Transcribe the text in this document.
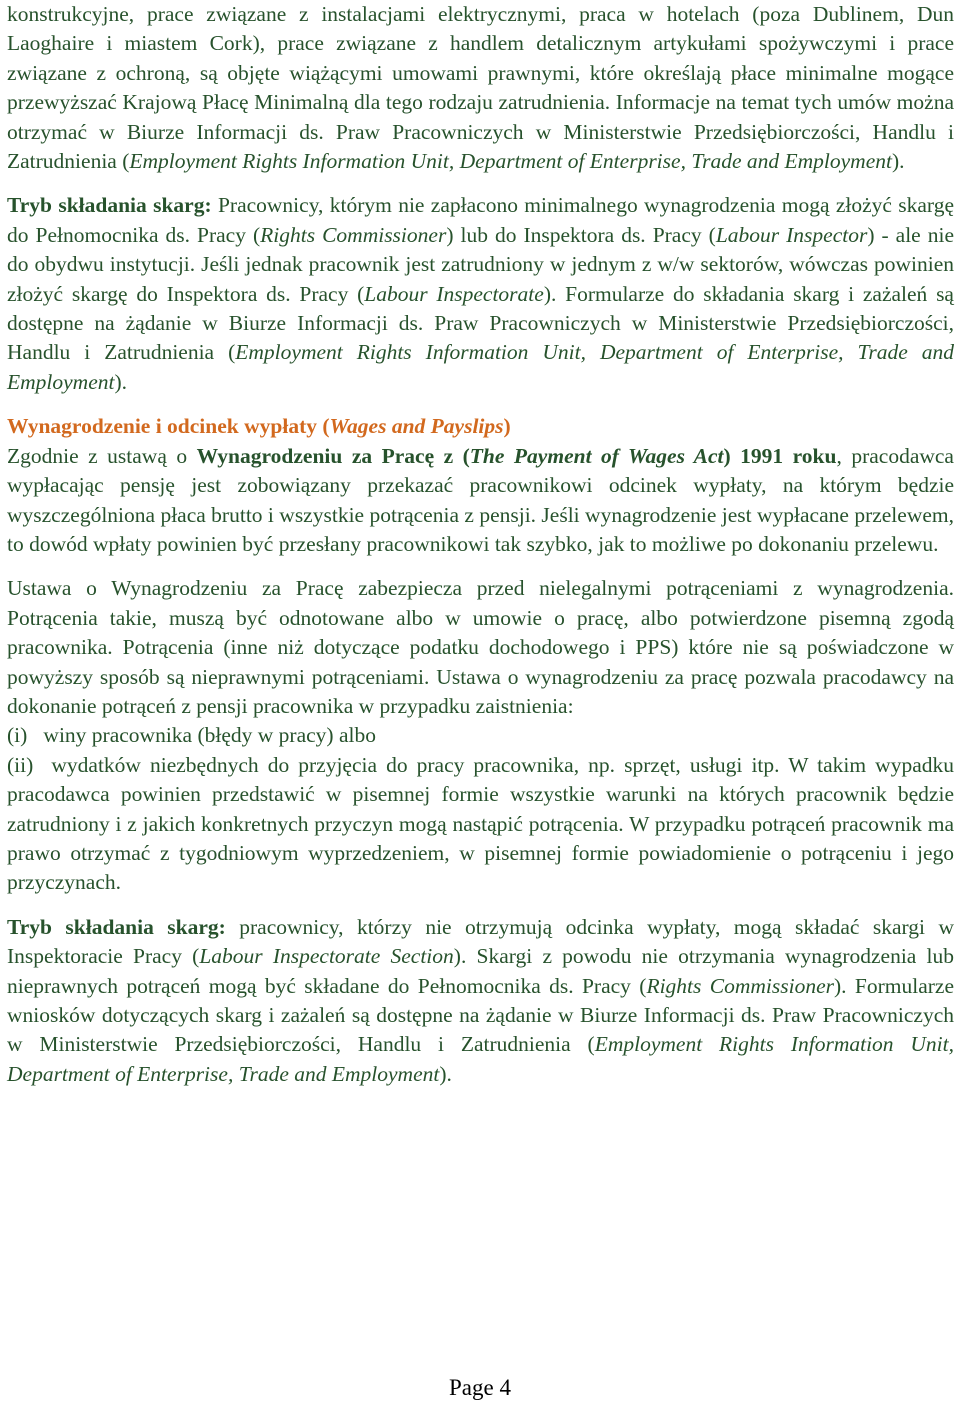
konstrukcyjne, prace związane z instalacjami elektrycznymi, praca w hotelach (poza Dublinem, Dun Laoghaire i miastem Cork), prace związane z handlem detalicznym artykułami spożywczymi i prace związane z ochroną, są objęte wiążącymi umowami prawnymi, które określają płace minimalne mogące przewyższać Krajową Płacę Minimalną dla tego rodzaju zatrudnienia. Informacje na temat tych umów można otrzymać w Biurze Informacji ds. Praw Pracowniczych w Ministerstwie Przedsiębiorczości, Handlu i Zatrudnienia (Employment Rights Information Unit, Department of Enterprise, Trade and Employment).

Tryb składania skarg: Pracownicy, którym nie zapłacono minimalnego wynagrodzenia mogą złożyć skargę do Pełnomocnika ds. Pracy (Rights Commissioner) lub do Inspektora ds. Pracy (Labour Inspector) - ale nie do obydwu instytucji. Jeśli jednak pracownik jest zatrudniony w jednym z w/w sektorów, wówczas powinien złożyć skargę do Inspektora ds. Pracy (Labour Inspectorate). Formularze do składania skarg i zażaleń są dostępne na żądanie w Biurze Informacji ds. Praw Pracowniczych w Ministerstwie Przedsiębiorczości, Handlu i Zatrudnienia (Employment Rights Information Unit, Department of Enterprise, Trade and Employment).

Wynagrodzenie i odcinek wypłaty (Wages and Payslips)

Zgodnie z ustawą o Wynagrodzeniu za Pracę z (The Payment of Wages Act) 1991 roku, pracodawca wypłacając pensję jest zobowiązany przekazać pracownikowi odcinek wypłaty, na którym będzie wyszczególniona płaca brutto i wszystkie potrącenia z pensji. Jeśli wynagrodzenie jest wypłacane przelewem, to dowód wpłaty powinien być przesłany pracownikowi tak szybko, jak to możliwe po dokonaniu przelewu.

Ustawa o Wynagrodzeniu za Pracę zabezpiecza przed nielegalnymi potrąceniami z wynagrodzenia. Potrącenia takie, muszą być odnotowane albo w umowie o pracę, albo potwierdzone pisemną zgodą pracownika. Potrącenia (inne niż dotyczące podatku dochodowego i PPS) które nie są poświadczone w powyższy sposób są nieprawnymi potrąceniami. Ustawa o wynagrodzeniu za pracę pozwala pracodawcy na dokonanie potrąceń z pensji pracownika w przypadku zaistnienia:

(i)   winy pracownika (błędy w pracy) albo

(ii)  wydatków niezbędnych do przyjęcia do pracy pracownika, np. sprzęt, usługi itp. W takim wypadku pracodawca powinien przedstawić w pisemnej formie wszystkie warunki na których pracownik będzie zatrudniony i z jakich konkretnych przyczyn mogą nastąpić potrącenia. W przypadku potrąceń pracownik ma prawo otrzymać z tygodniowym wyprzedzeniem, w pisemnej formie powiadomienie o potrąceniu i jego przyczynach.

Tryb składania skarg: pracownicy, którzy nie otrzymują odcinka wypłaty, mogą składać skargi w Inspektoracie Pracy (Labour Inspectorate Section). Skargi z powodu nie otrzymania wynagrodzenia lub nieprawnych potrąceń mogą być składane do Pełnomocnika ds. Pracy (Rights Commissioner). Formularze wniosków dotyczących skarg i zażaleń są dostępne na żądanie w Biurze Informacji ds. Praw Pracowniczych w Ministerstwie Przedsiębiorczości, Handlu i Zatrudnienia (Employment Rights Information Unit, Department of Enterprise, Trade and Employment).

Page 4
